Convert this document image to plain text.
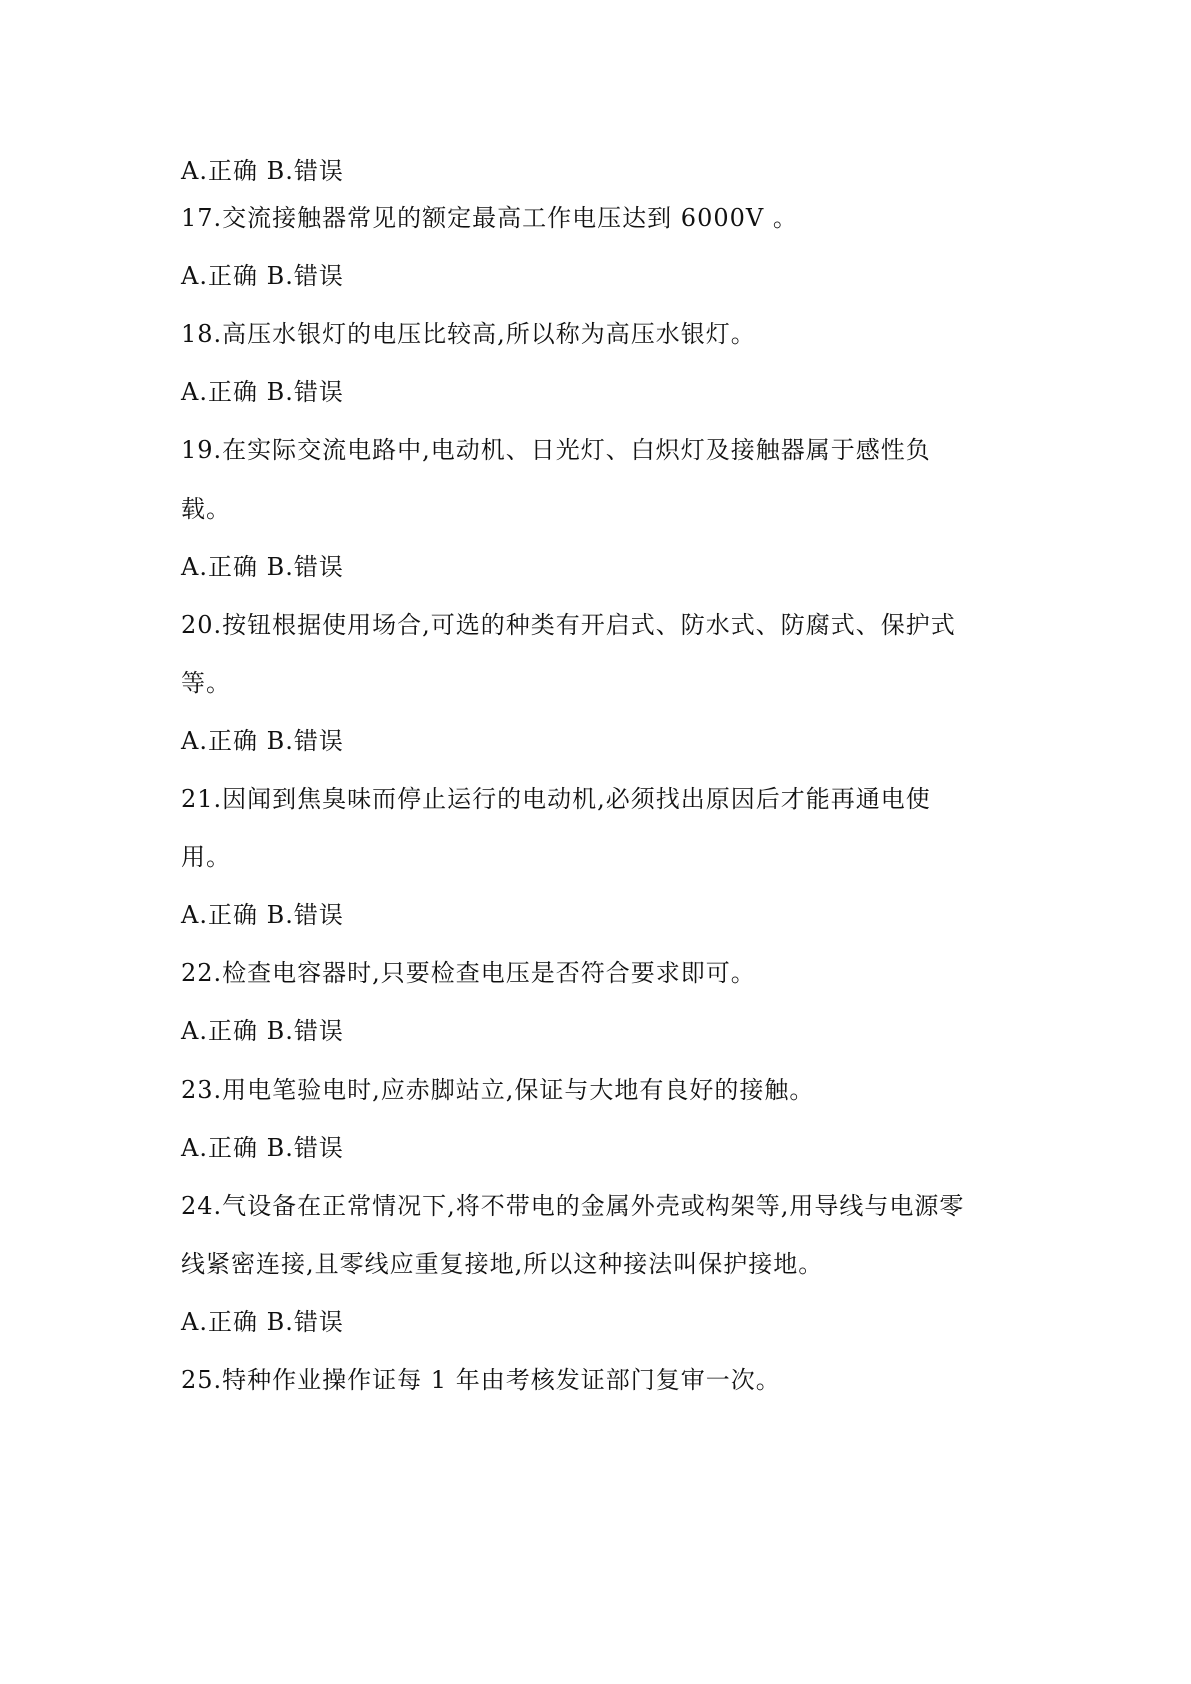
A.正确 B.错误
17.交流接触器常见的额定最高工作电压达到 6000V 。
A.正确 B.错误
18.高压水银灯的电压比较高,所以称为高压水银灯。
A.正确 B.错误
19.在实际交流电路中,电动机、日光灯、白炽灯及接触器属于感性负
载。
A.正确 B.错误
20.按钮根据使用场合,可选的种类有开启式、防水式、防腐式、保护式
等。
A.正确 B.错误
21.因闻到焦臭味而停止运行的电动机,必须找出原因后才能再通电使
用。
A.正确 B.错误
22.检查电容器时,只要检查电压是否符合要求即可。
A.正确 B.错误
23.用电笔验电时,应赤脚站立,保证与大地有良好的接触。
A.正确 B.错误
24.气设备在正常情况下,将不带电的金属外壳或构架等,用导线与电源零
线紧密连接,且零线应重复接地,所以这种接法叫保护接地。
A.正确 B.错误
25.特种作业操作证每 1 年由考核发证部门复审一次。
